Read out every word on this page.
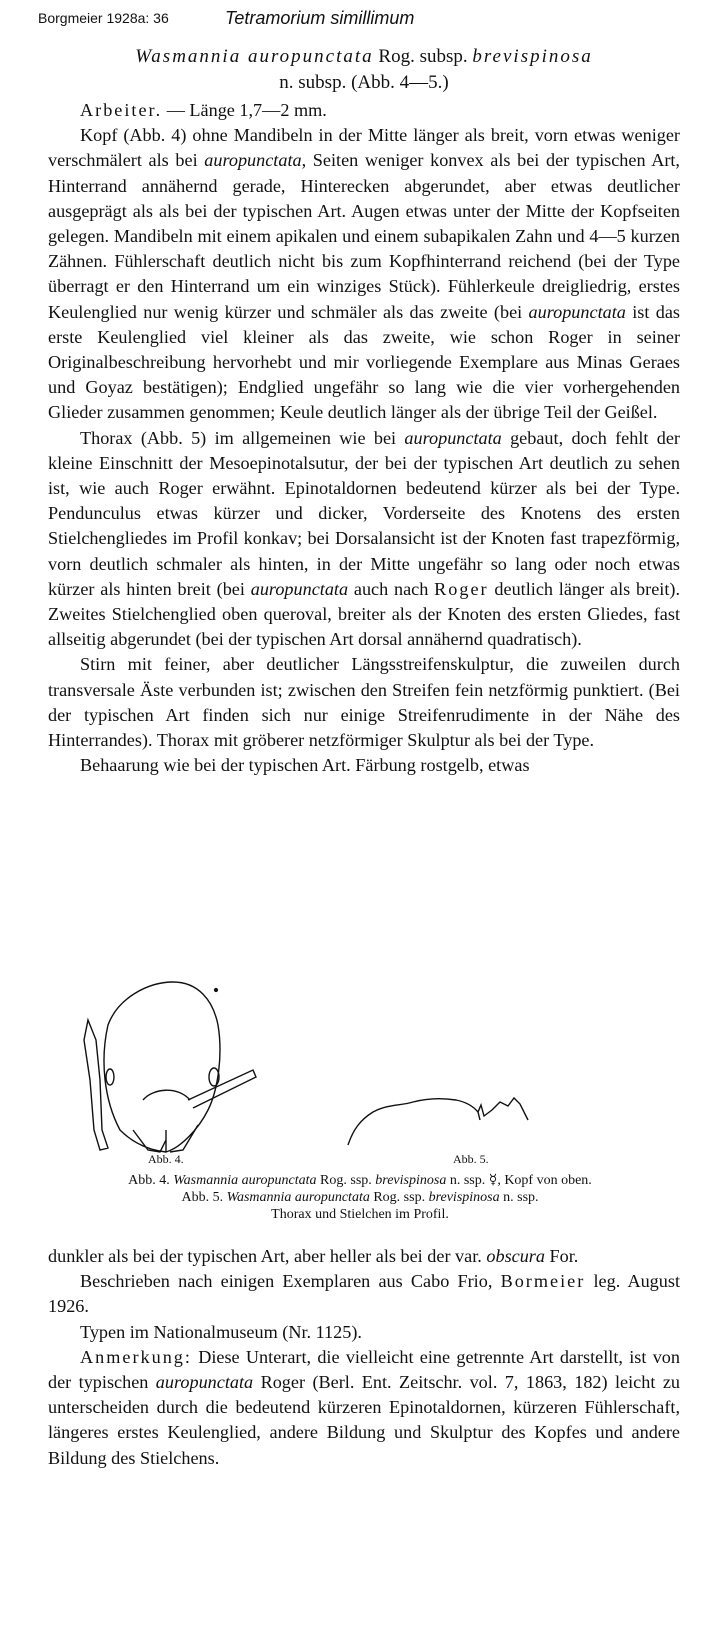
Borgmeier 1928a: 36	Tetramorium simillimum
Wasmannia auropunctata Rog. subsp. brevispinosa
n. subsp. (Abb. 4—5.)

Arbeiter. — Länge 1,7—2 mm.

Kopf (Abb. 4) ohne Mandibeln in der Mitte länger als breit, vorn etwas weniger verschmälert als bei auropunctata, Seiten weniger konvex als bei der typischen Art, Hinterrand annähernd gerade, Hinterecken abgerundet, aber etwas deutlicher ausgeprägt als als bei der typischen Art. Augen etwas unter der Mitte der Kopfseiten gelegen. Mandibeln mit einem apikalen und einem subapikalen Zahn und 4—5 kurzen Zähnen. Fühlerschaft deutlich nicht bis zum Kopfhinterrand reichend (bei der Type überragt er den Hinterrand um ein winziges Stück). Fühlerkeule dreigliedrig, erstes Keulenglied nur wenig kürzer und schmäler als das zweite (bei auropunctata ist das erste Keulenglied viel kleiner als das zweite, wie schon Roger in seiner Originalbeschreibung hervorhebt und mir vorliegende Exemplare aus Minas Geraes und Goyaz bestätigen); Endglied ungefähr so lang wie die vier vorhergehenden Glieder zusammen genommen; Keule deutlich länger als der übrige Teil der Geißel.

Thorax (Abb. 5) im allgemeinen wie bei auropunctata gebaut, doch fehlt der kleine Einschnitt der Mesoepinotalsutur, der bei der typischen Art deutlich zu sehen ist, wie auch Roger erwähnt. Epinotaldornen bedeutend kürzer als bei der Type. Pendunculus etwas kürzer und dicker, Vorderseite des Knotens des ersten Stielchengliedes im Profil konkav; bei Dorsalansicht ist der Knoten fast trapezförmig, vorn deutlich schmaler als hinten, in der Mitte ungefähr so lang oder noch etwas kürzer als hinten breit (bei auropunctata auch nach Roger deutlich länger als breit). Zweites Stielchenglied oben queroval, breiter als der Knoten des ersten Gliedes, fast allseitig abgerundet (bei der typischen Art dorsal annähernd quadratisch).

Stirn mit feiner, aber deutlicher Längsstreifenskulptur, die zuweilen durch transversale Äste verbunden ist; zwischen den Streifen fein netzförmig punktiert. (Bei der typischen Art finden sich nur einige Streifenrudimente in der Nähe des Hinterrandes). Thorax mit gröberer netzförmiger Skulptur als bei der Type.

Behaarung wie bei der typischen Art. Färbung rostgelb, etwas

Abb. 4.	Abb. 5.
Abb. 4. Wasmannia auropunctata Rog. ssp. brevispinosa n. ssp. ☿, Kopf von oben.
Abb. 5. Wasmannia auropunctata Rog. ssp. brevispinosa n. ssp.
Thorax und Stielchen im Profil.

dunkler als bei der typischen Art, aber heller als bei der var. obscura For.

Beschrieben nach einigen Exemplaren aus Cabo Frio, Bormeier leg. August 1926.

Typen im Nationalmuseum (Nr. 1125).

Anmerkung: Diese Unterart, die vielleicht eine getrennte Art darstellt, ist von der typischen auropunctata Roger (Berl. Ent. Zeitschr. vol. 7, 1863, 182) leicht zu unterscheiden durch die bedeutend kürzeren Epinotaldornen, kürzeren Fühlerschaft, längeres erstes Keulenglied, andere Bildung und Skulptur des Kopfes und andere Bildung des Stielchens.
